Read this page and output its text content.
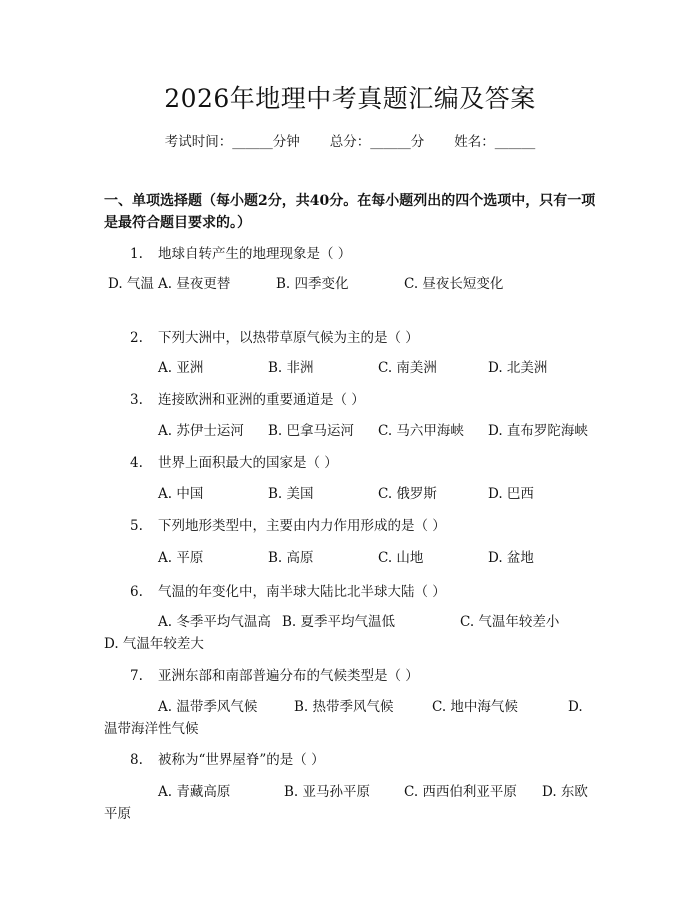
2026年地理中考真题汇编及答案
考试时间：______分钟 总分：______分 姓名：______
一、单项选择题（每小题2分，共40分。在每小题列出的四个选项中，只有一项是最符合题目要求的。）
1. 地球自转产生的地理现象是（ ）
A. 昼夜更替	B. 四季变化	C. 昼夜长短变化
D. 气温
2. 下列大洲中，以热带草原气候为主的是（ ）
A. 亚洲	B. 非洲	C. 南美洲	D. 北美洲
3. 连接欧洲和亚洲的重要通道是（ ）
A. 苏伊士运河 B. 巴拿马运河 C. 马六甲海峡 D. 直布罗陀海峡
4. 世界上面积最大的国家是（ ）
A. 中国	B. 美国	C. 俄罗斯	D. 巴西
5. 下列地形类型中，主要由内力作用形成的是（ ）
A. 平原	B. 高原	C. 山地	D. 盆地
6. 气温的年变化中，南半球大陆比北半球大陆（ ）
A. 冬季平均气温高 B. 夏季平均气温低	C. 气温年较差小
D. 气温年较差大
7. 亚洲东部和南部普遍分布的气候类型是（ ）
A. 温带季风气候	B. 热带季风气候	C. 地中海气候	D.
温带海洋性气候
8. 被称为“世界屋脊”的是（ ）
A. 青藏高原	B. 亚马孙平原	C. 西西伯利亚平原 D. 东欧
平原
